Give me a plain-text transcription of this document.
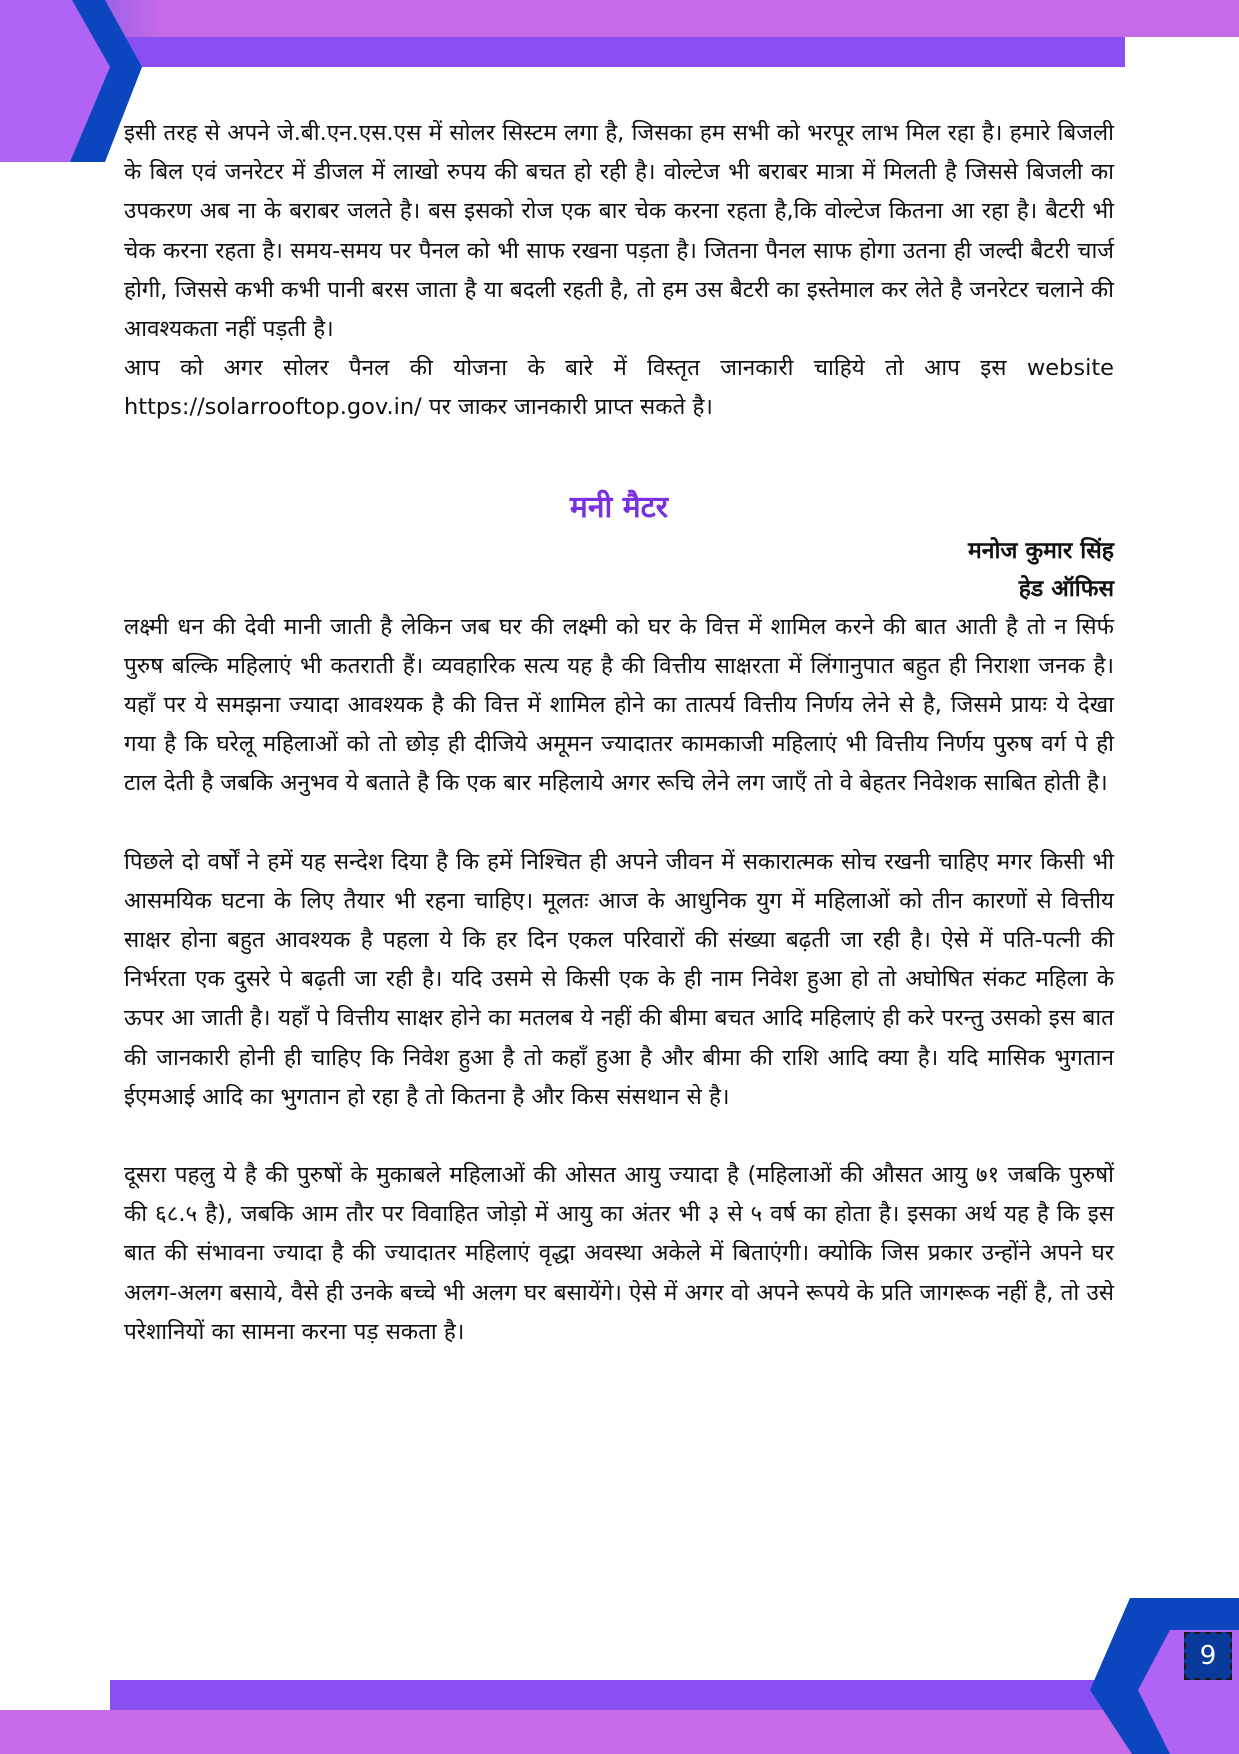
इसी तरह से अपने जे.बी.एन.एस.एस में सोलर सिस्टम लगा है, जिसका हम सभी को भरपूर लाभ मिल रहा है। हमारे बिजली के बिल एवं जनरेटर में डीजल में लाखो रुपय की बचत हो रही है। वोल्टेज भी बराबर मात्रा में मिलती है जिससे बिजली का उपकरण अब ना के बराबर जलते है। बस इसको रोज एक बार चेक करना रहता है,कि वोल्टेज कितना आ रहा है। बैटरी भी चेक करना रहता है। समय-समय पर पैनल को भी साफ रखना पड़ता है। जितना पैनल साफ होगा उतना ही जल्दी बैटरी चार्ज होगी, जिससे कभी कभी पानी बरस जाता है या बदली रहती है, तो हम उस बैटरी का इस्तेमाल कर लेते है जनरेटर चलाने की आवश्यकता नहीं पड़ती है।

आप को अगर सोलर पैनल की योजना के बारे में विस्तृत जानकारी चाहिये तो आप इस website https://solarrooftop.gov.in/ पर जाकर जानकारी प्राप्त सकते है।

मनी मैटर
मनोज कुमार सिंह
हेड ऑफिस

लक्ष्मी धन की देवी मानी जाती है लेकिन जब घर की लक्ष्मी को घर के वित्त में शामिल करने की बात आती है तो न सिर्फ पुरुष बल्कि महिलाएं भी कतराती हैं। व्यवहारिक सत्य यह है की वित्तीय साक्षरता में लिंगानुपात बहुत ही निराशा जनक है। यहाँ पर ये समझना ज्यादा आवश्यक है की वित्त में शामिल होने का तात्पर्य वित्तीय निर्णय लेने से है, जिसमे प्रायः ये देखा गया है कि घरेलू महिलाओं को तो छोड़ ही दीजिये अमूमन ज्यादातर कामकाजी महिलाएं भी वित्तीय निर्णय पुरुष वर्ग पे ही टाल देती है जबकि अनुभव ये बताते है कि एक बार महिलाये अगर रूचि लेने लग जाएँ तो वे बेहतर निवेशक साबित होती है।

पिछले दो वर्षों ने हमें यह सन्देश दिया है कि हमें निश्चित ही अपने जीवन में सकारात्मक सोच रखनी चाहिए मगर किसी भी आसमयिक घटना के लिए तैयार भी रहना चाहिए। मूलतः आज के आधुनिक युग में महिलाओं को तीन कारणों से वित्तीय साक्षर होना बहुत आवश्यक है पहला ये कि हर दिन एकल परिवारों की संख्या बढ़ती जा रही है। ऐसे में पति-पत्नी की निर्भरता एक दुसरे पे बढ़ती जा रही है। यदि उसमे से किसी एक के ही नाम निवेश हुआ हो तो अघोषित संकट महिला के ऊपर आ जाती है। यहाँ पे वित्तीय साक्षर होने का मतलब ये नहीं की बीमा बचत आदि महिलाएं ही करे परन्तु उसको इस बात की जानकारी होनी ही चाहिए कि निवेश हुआ है तो कहाँ हुआ है और बीमा की राशि आदि क्या है। यदि मासिक भुगतान ईएमआई आदि का भुगतान हो रहा है तो कितना है और किस संसथान से है।

दूसरा पहलु ये है की पुरुषों के मुकाबले महिलाओं की ओसत आयु ज्यादा है (महिलाओं की औसत आयु ७१ जबकि पुरुषों की ६८.५ है), जबकि आम तौर पर विवाहित जोड़ो में आयु का अंतर भी ३ से ५ वर्ष का होता है। इसका अर्थ यह है कि इस बात की संभावना ज्यादा है की ज्यादातर महिलाएं वृद्धा अवस्था अकेले में बिताएंगी। क्योकि जिस प्रकार उन्होंने अपने घर अलग-अलग बसाये, वैसे ही उनके बच्चे भी अलग घर बसायेंगे। ऐसे में अगर वो अपने रूपये के प्रति जागरूक नहीं है, तो उसे परेशानियों का सामना करना पड़ सकता है।

9
